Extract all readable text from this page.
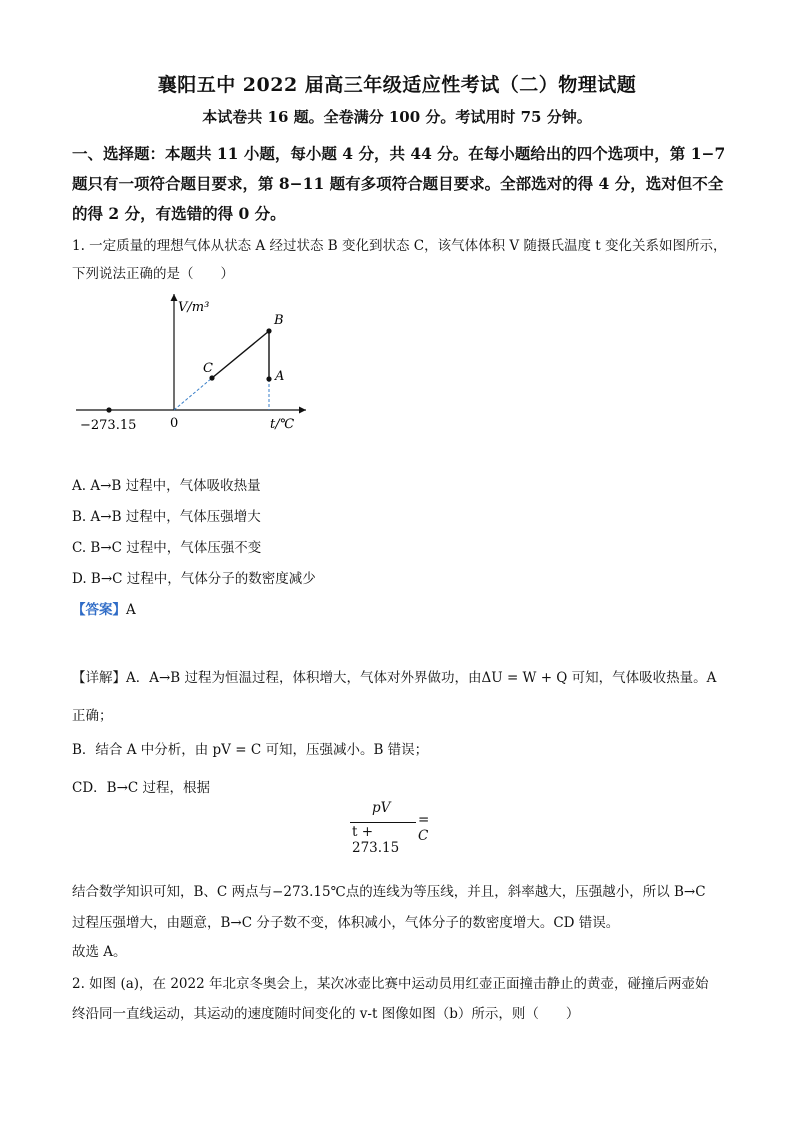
襄阳五中 2022 届高三年级适应性考试（二）物理试题
本试卷共 16 题。全卷满分 100 分。考试用时 75 分钟。
一、选择题：本题共 11 小题，每小题 4 分，共 44 分。在每小题给出的四个选项中，第 1−7
题只有一项符合题目要求，第 8−11 题有多项符合题目要求。全部选对的得 4 分，选对但不全
的得 2 分，有选错的得 0 分。
1. 一定质量的理想气体从状态 A 经过状态 B 变化到状态 C，该气体体积 V 随摄氏温度 t 变化关系如图所示，
下列说法正确的是（　　）
V/m³
t/℃
0
−273.15
B
A
C
A. A→B 过程中，气体吸收热量
B. A→B 过程中，气体压强增大
C. B→C 过程中，气体压强不变
D. B→C 过程中，气体分子的数密度减少
【答案】A
【详解】A．A→B 过程为恒温过程，体积增大，气体对外界做功，由ΔU = W + Q 可知，气体吸收热量。A
正确；
B．结合 A 中分析，由 pV = C 可知，压强减小。B 错误；
CD．B→C 过程，根据
pV
t + 273.15
= C
结合数学知识可知，B、C 两点与−273.15℃点的连线为等压线，并且，斜率越大，压强越小，所以 B→C
过程压强增大，由题意，B→C 分子数不变，体积减小，气体分子的数密度增大。CD 错误。
故选 A。
2. 如图 (a)，在 2022 年北京冬奥会上，某次冰壶比赛中运动员用红壶正面撞击静止的黄壶，碰撞后两壶始
终沿同一直线运动，其运动的速度随时间变化的 v-t 图像如图（b）所示，则（　　）
